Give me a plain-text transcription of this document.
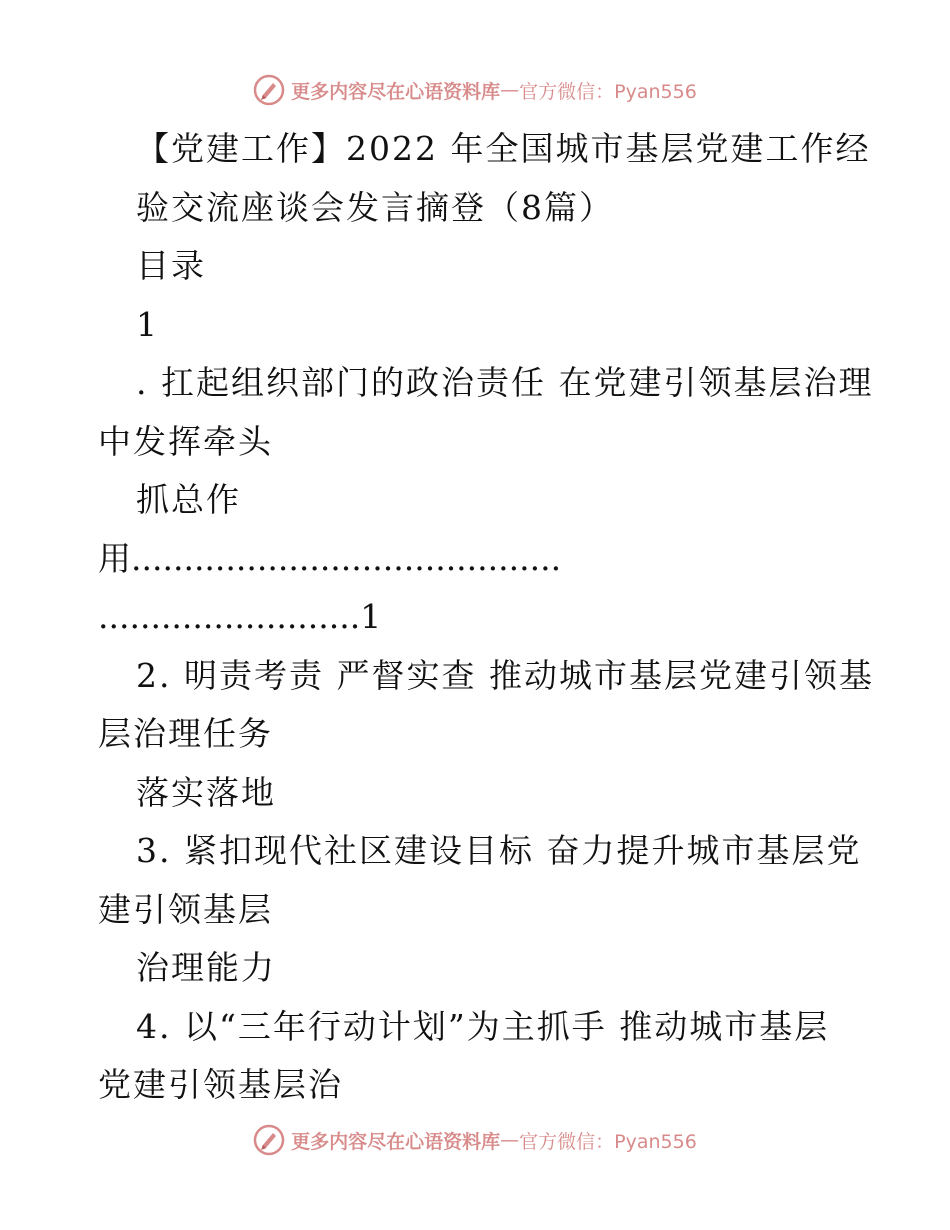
更多内容尽在心语资料库 — 官方微信：Pyan556
【党建工作】2022 年全国城市基层党建工作经
验交流座谈会发言摘登（8篇）
目录
1
. 扛起组织部门的政治责任 在党建引领基层治理
中发挥牵头
抓总作
用.........................................
.........................1
2. 明责考责 严督实查 推动城市基层党建引领基
层治理任务
落实落地
3. 紧扣现代社区建设目标 奋力提升城市基层党
建引领基层
治理能力
4. 以“三年行动计划”为主抓手 推动城市基层
党建引领基层治
更多内容尽在心语资料库 — 官方微信：Pyan556
